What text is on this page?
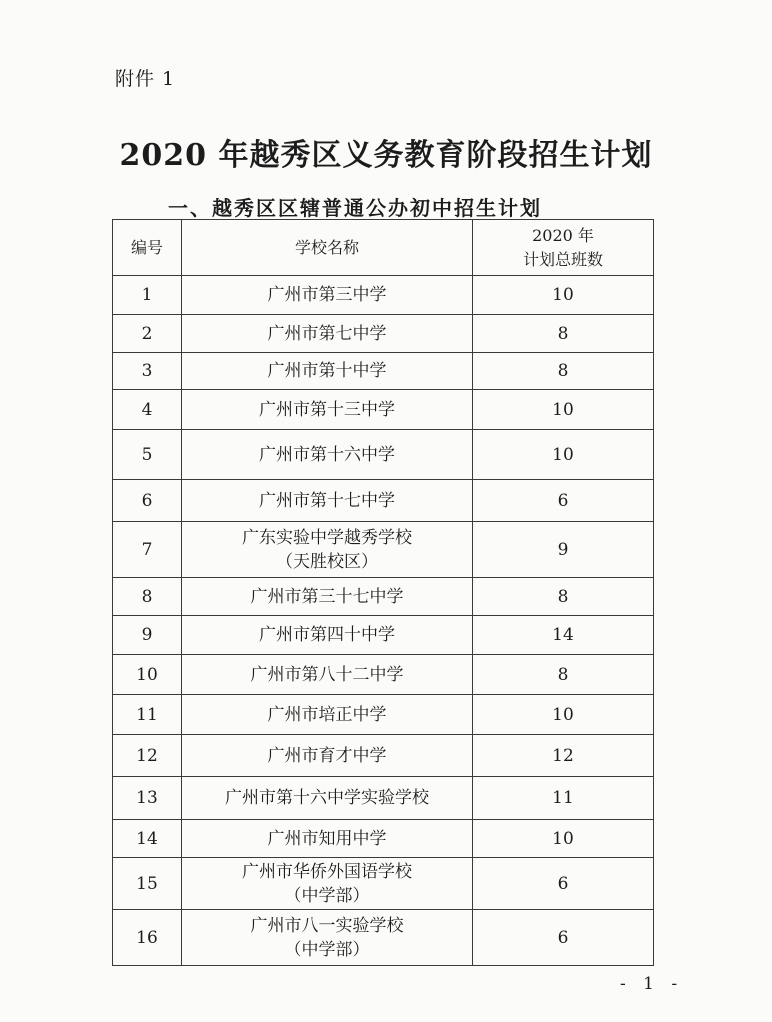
附件 1
2020 年越秀区义务教育阶段招生计划
一、越秀区区辖普通公办初中招生计划
编号	学校名称	2020 年
计划总班数

1	广州市第三中学	10
2	广州市第七中学	8
3	广州市第十中学	8
4	广州市第十三中学	10
5	广州市第十六中学	10
6	广州市第十七中学	6
7	广东实验中学越秀学校
（天胜校区）	9
8	广州市第三十七中学	8
9	广州市第四十中学	14
10	广州市第八十二中学	8
11	广州市培正中学	10
12	广州市育才中学	12
13	广州市第十六中学实验学校	11
14	广州市知用中学	10
15	广州市华侨外国语学校
（中学部）	6
16	广州市八一实验学校
（中学部）	6
- 1 -
